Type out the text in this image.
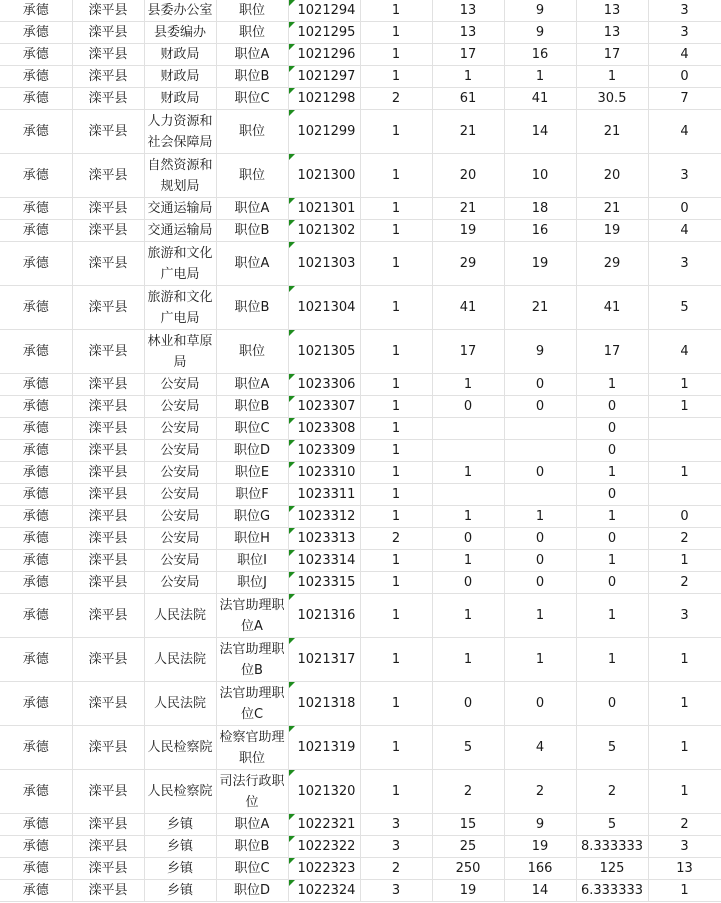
承德	滦平县	县委办公室	职位	1021294	1	13	9	13	3
承德	滦平县	县委编办	职位	1021295	1	13	9	13	3
承德	滦平县	财政局	职位A	1021296	1	17	16	17	4
承德	滦平县	财政局	职位B	1021297	1	1	1	1	0
承德	滦平县	财政局	职位C	1021298	2	61	41	30.5	7
承德	滦平县	人力资源和社会保障局	职位	1021299	1	21	14	21	4
承德	滦平县	自然资源和规划局	职位	1021300	1	20	10	20	3
承德	滦平县	交通运输局	职位A	1021301	1	21	18	21	0
承德	滦平县	交通运输局	职位B	1021302	1	19	16	19	4
承德	滦平县	旅游和文化广电局	职位A	1021303	1	29	19	29	3
承德	滦平县	旅游和文化广电局	职位B	1021304	1	41	21	41	5
承德	滦平县	林业和草原局	职位	1021305	1	17	9	17	4
承德	滦平县	公安局	职位A	1023306	1	1	0	1	1
承德	滦平县	公安局	职位B	1023307	1	0	0	0	1
承德	滦平县	公安局	职位C	1023308	1			0	
承德	滦平县	公安局	职位D	1023309	1			0	
承德	滦平县	公安局	职位E	1023310	1	1	0	1	1
承德	滦平县	公安局	职位F	1023311	1			0	
承德	滦平县	公安局	职位G	1023312	1	1	1	1	0
承德	滦平县	公安局	职位H	1023313	2	0	0	0	2
承德	滦平县	公安局	职位I	1023314	1	1	0	1	1
承德	滦平县	公安局	职位J	1023315	1	0	0	0	2
承德	滦平县	人民法院	法官助理职位A	1021316	1	1	1	1	3
承德	滦平县	人民法院	法官助理职位B	1021317	1	1	1	1	1
承德	滦平县	人民法院	法官助理职位C	1021318	1	0	0	0	1
承德	滦平县	人民检察院	检察官助理职位	1021319	1	5	4	5	1
承德	滦平县	人民检察院	司法行政职位	1021320	1	2	2	2	1
承德	滦平县	乡镇	职位A	1022321	3	15	9	5	2
承德	滦平县	乡镇	职位B	1022322	3	25	19	8.333333	3
承德	滦平县	乡镇	职位C	1022323	2	250	166	125	13
承德	滦平县	乡镇	职位D	1022324	3	19	14	6.333333	1
